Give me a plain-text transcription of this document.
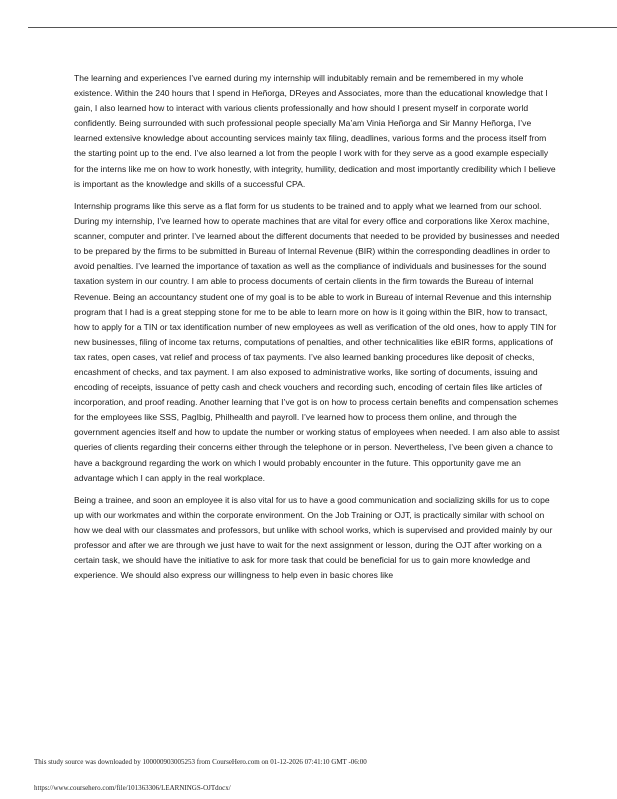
The learning and experiences I’ve earned during my internship will indubitably remain and be remembered in my whole existence. Within the 240 hours that I spend in Heñorga, DReyes and Associates, more than the educational knowledge that I gain, I also learned how to interact with various clients professionally and how should I present myself in corporate world confidently. Being surrounded with such professional people specially Ma’am Vinia Heñorga and Sir Manny Heñorga, I’ve learned extensive knowledge about accounting services mainly tax filing, deadlines, various forms and the process itself from the starting point up to the end. I’ve also learned a lot from the people I work with for they serve as a good example especially for the interns like me on how to work honestly, with integrity, humility, dedication and most importantly credibility which I believe is important as the knowledge and skills of a successful CPA.

Internship programs like this serve as a flat form for us students to be trained and to apply what we learned from our school. During my internship, I’ve learned how to operate machines that are vital for every office and corporations like Xerox machine, scanner, computer and printer. I’ve learned about the different documents that needed to be provided by businesses and needed to be prepared by the firms to be submitted in Bureau of Internal Revenue (BIR) within the corresponding deadlines in order to avoid penalties. I’ve learned the importance of taxation as well as the compliance of individuals and businesses for the sound taxation system in our country. I am able to process documents of certain clients in the firm towards the Bureau of internal Revenue. Being an accountancy student one of my goal is to be able to work in Bureau of internal Revenue and this internship program that I had is a great stepping stone for me to be able to learn more on how is it going within the BIR, how to transact, how to apply for a TIN or tax identification number of new employees as well as verification of the old ones, how to apply TIN for new businesses, filing of income tax returns, computations of penalties, and other technicalities like eBIR forms, applications of tax rates, open cases, vat relief and process of tax payments. I’ve also learned banking procedures like deposit of checks, encashment of checks, and tax payment. I am also exposed to administrative works, like sorting of documents, issuing and encoding of receipts, issuance of petty cash and check vouchers and recording such, encoding of certain files like articles of incorporation, and proof reading. Another learning that I’ve got is on how to process certain benefits and compensation schemes for the employees like SSS, PagIbig, Philhealth and payroll. I’ve learned how to process them online, and through the government agencies itself and how to update the number or working status of employees when needed. I am also able to assist queries of clients regarding their concerns either through the telephone or in person. Nevertheless, I’ve been given a chance to have a background regarding the work on which I would probably encounter in the future. This opportunity gave me an advantage which I can apply in the real workplace.

Being a trainee, and soon an employee it is also vital for us to have a good communication and socializing skills for us to cope up with our workmates and within the corporate environment. On the Job Training or OJT, is practically similar with school on how we deal with our classmates and professors, but unlike with school works, which is supervised and provided mainly by our professor and after we are through we just have to wait for the next assignment or lesson, during the OJT after working on a certain task, we should have the initiative to ask for more task that could be beneficial for us to gain more knowledge and experience. We should also express our willingness to help even in basic chores like

This study source was downloaded by 100000903005253 from CourseHero.com on 01-12-2026 07:41:10 GMT -06:00
https://www.coursehero.com/file/101363306/LEARNINGS-OJTdocx/
